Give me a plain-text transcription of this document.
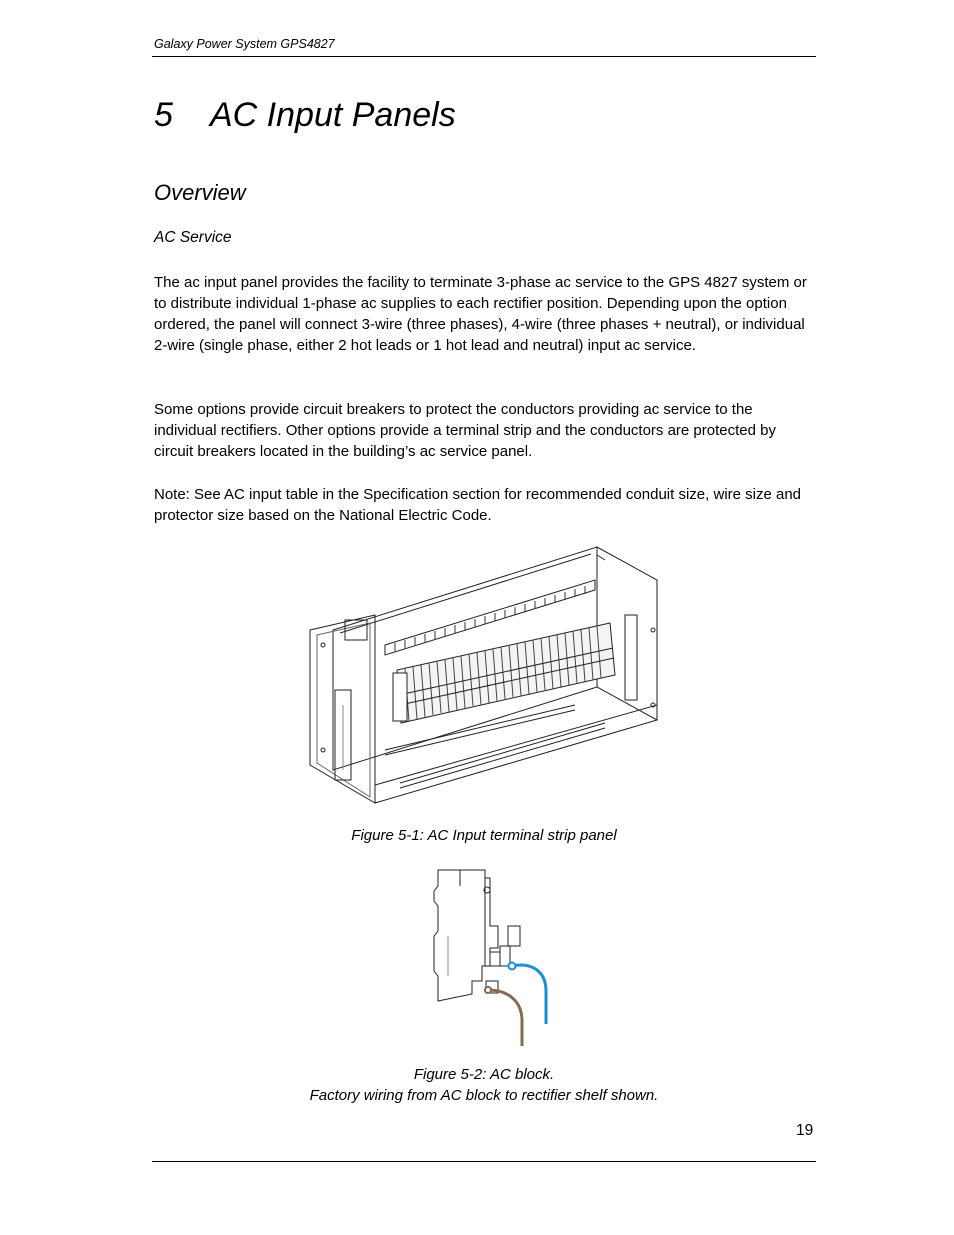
Galaxy Power System GPS4827
5 AC Input Panels
Overview
AC Service

The ac input panel provides the facility to terminate 3-phase ac service to the GPS 4827 system or to distribute individual 1-phase ac supplies to each rectifier position. Depending upon the option ordered, the panel will connect 3-wire (three phases), 4-wire (three phases + neutral), or individual 2-wire (single phase, either 2 hot leads or 1 hot lead and neutral) input ac service.

Some options provide circuit breakers to protect the conductors providing ac service to the individual rectifiers. Other options provide a terminal strip and the conductors are protected by circuit breakers located in the building’s ac service panel.

Note: See AC input table in the Specification section for recommended conduit size, wire size and protector size based on the National Electric Code.

Figure 5-1: AC Input terminal strip panel
Figure 5-2: AC block.
Factory wiring from AC block to rectifier shelf shown.
19
